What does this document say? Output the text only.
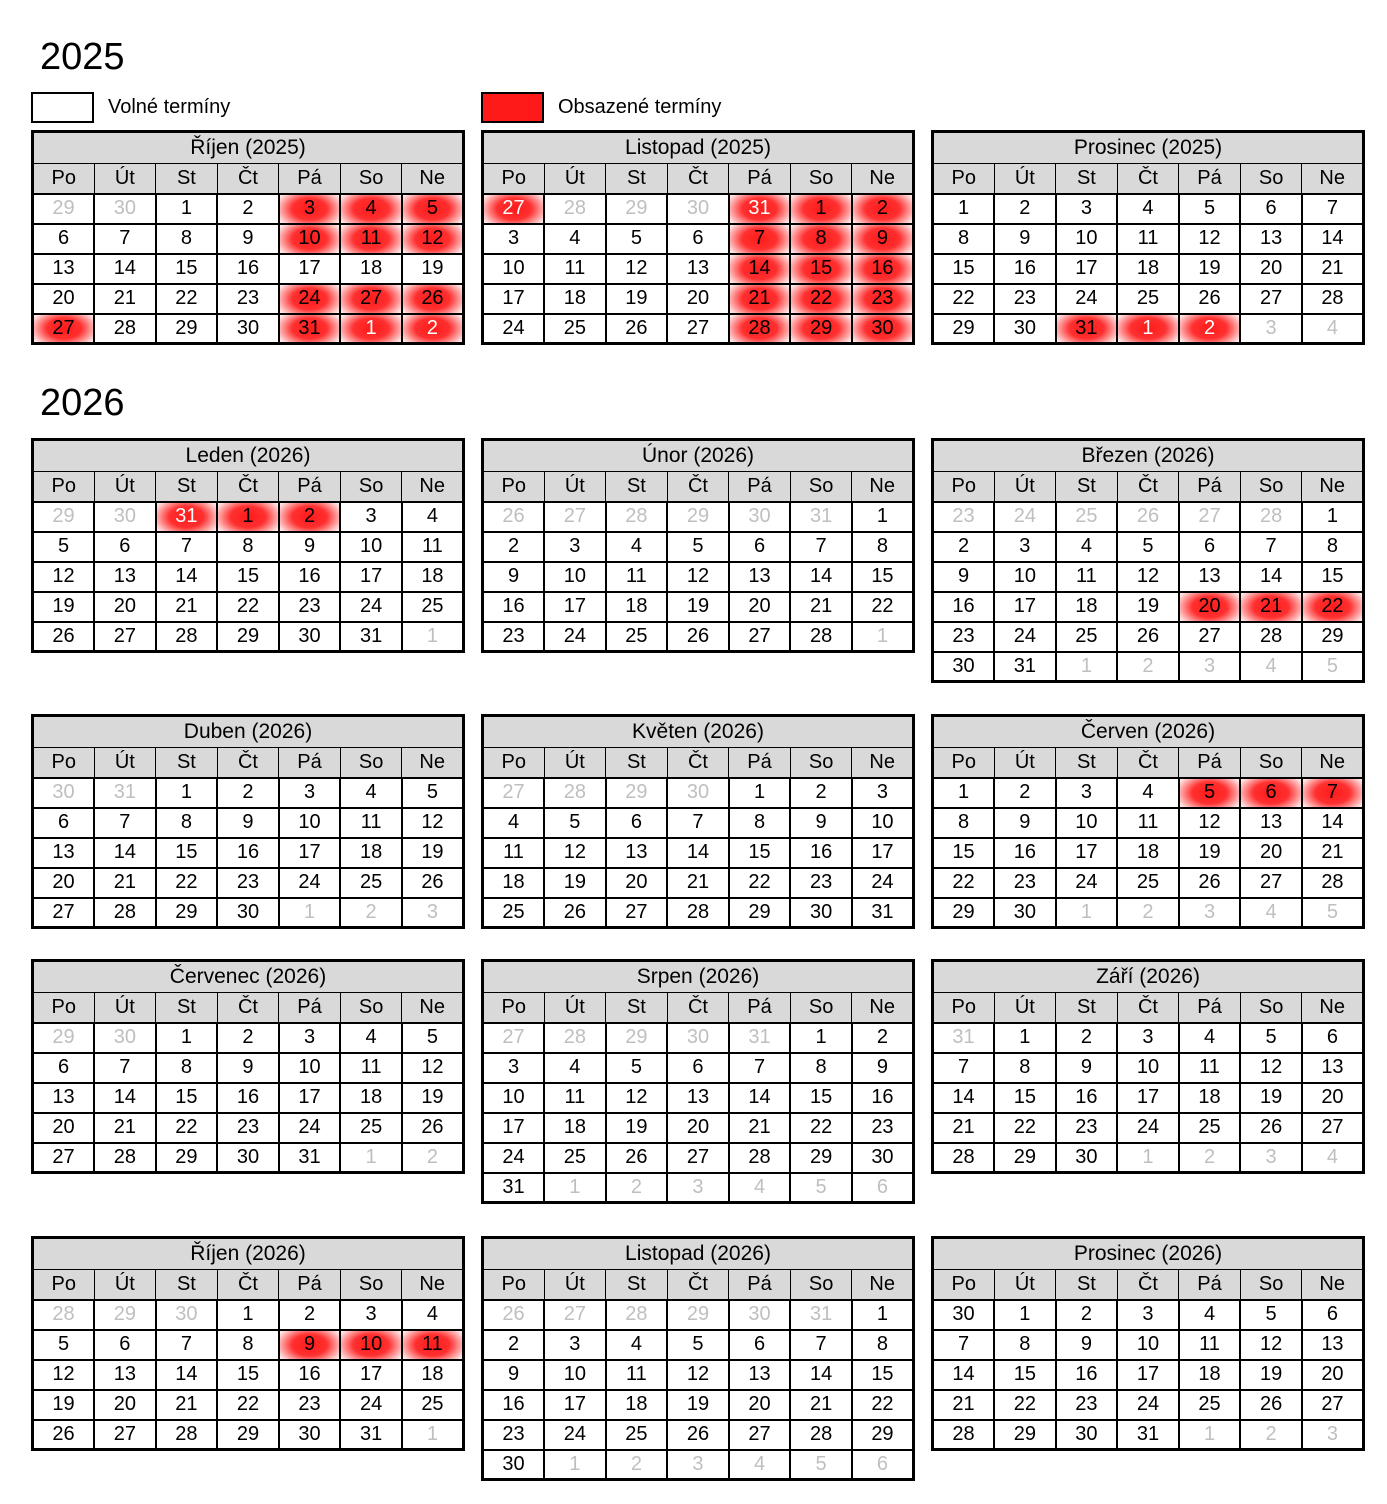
2025
Volné termíny	Obsazené termíny
2026
Říjen (2025)						
Po	Út	St	Čt	Pá	So	Ne
29	30	1	2	3	4	5
6	7	8	9	10	11	12
13	14	15	16	17	18	19
20	21	22	23	24	27	26
27	28	29	30	31	1	2
Listopad (2025)						
Po	Út	St	Čt	Pá	So	Ne
27	28	29	30	31	1	2
3	4	5	6	7	8	9
10	11	12	13	14	15	16
17	18	19	20	21	22	23
24	25	26	27	28	29	30
Prosinec (2025)						
Po	Út	St	Čt	Pá	So	Ne
1	2	3	4	5	6	7
8	9	10	11	12	13	14
15	16	17	18	19	20	21
22	23	24	25	26	27	28
29	30	31	1	2	3	4
Leden (2026)						
Po	Út	St	Čt	Pá	So	Ne
29	30	31	1	2	3	4
5	6	7	8	9	10	11
12	13	14	15	16	17	18
19	20	21	22	23	24	25
26	27	28	29	30	31	1
Únor (2026)						
Po	Út	St	Čt	Pá	So	Ne
26	27	28	29	30	31	1
2	3	4	5	6	7	8
9	10	11	12	13	14	15
16	17	18	19	20	21	22
23	24	25	26	27	28	1
Březen (2026)						
Po	Út	St	Čt	Pá	So	Ne
23	24	25	26	27	28	1
2	3	4	5	6	7	8
9	10	11	12	13	14	15
16	17	18	19	20	21	22
23	24	25	26	27	28	29
30	31	1	2	3	4	5
Duben (2026)						
Po	Út	St	Čt	Pá	So	Ne
30	31	1	2	3	4	5
6	7	8	9	10	11	12
13	14	15	16	17	18	19
20	21	22	23	24	25	26
27	28	29	30	1	2	3
Květen (2026)						
Po	Út	St	Čt	Pá	So	Ne
27	28	29	30	1	2	3
4	5	6	7	8	9	10
11	12	13	14	15	16	17
18	19	20	21	22	23	24
25	26	27	28	29	30	31
Červen (2026)						
Po	Út	St	Čt	Pá	So	Ne
1	2	3	4	5	6	7
8	9	10	11	12	13	14
15	16	17	18	19	20	21
22	23	24	25	26	27	28
29	30	1	2	3	4	5
Červenec (2026)						
Po	Út	St	Čt	Pá	So	Ne
29	30	1	2	3	4	5
6	7	8	9	10	11	12
13	14	15	16	17	18	19
20	21	22	23	24	25	26
27	28	29	30	31	1	2
Srpen (2026)						
Po	Út	St	Čt	Pá	So	Ne
27	28	29	30	31	1	2
3	4	5	6	7	8	9
10	11	12	13	14	15	16
17	18	19	20	21	22	23
24	25	26	27	28	29	30
31	1	2	3	4	5	6
Září (2026)						
Po	Út	St	Čt	Pá	So	Ne
31	1	2	3	4	5	6
7	8	9	10	11	12	13
14	15	16	17	18	19	20
21	22	23	24	25	26	27
28	29	30	1	2	3	4
Říjen (2026)						
Po	Út	St	Čt	Pá	So	Ne
28	29	30	1	2	3	4
5	6	7	8	9	10	11
12	13	14	15	16	17	18
19	20	21	22	23	24	25
26	27	28	29	30	31	1
Listopad (2026)						
Po	Út	St	Čt	Pá	So	Ne
26	27	28	29	30	31	1
2	3	4	5	6	7	8
9	10	11	12	13	14	15
16	17	18	19	20	21	22
23	24	25	26	27	28	29
30	1	2	3	4	5	6
Prosinec (2026)						
Po	Út	St	Čt	Pá	So	Ne
30	1	2	3	4	5	6
7	8	9	10	11	12	13
14	15	16	17	18	19	20
21	22	23	24	25	26	27
28	29	30	31	1	2	3
